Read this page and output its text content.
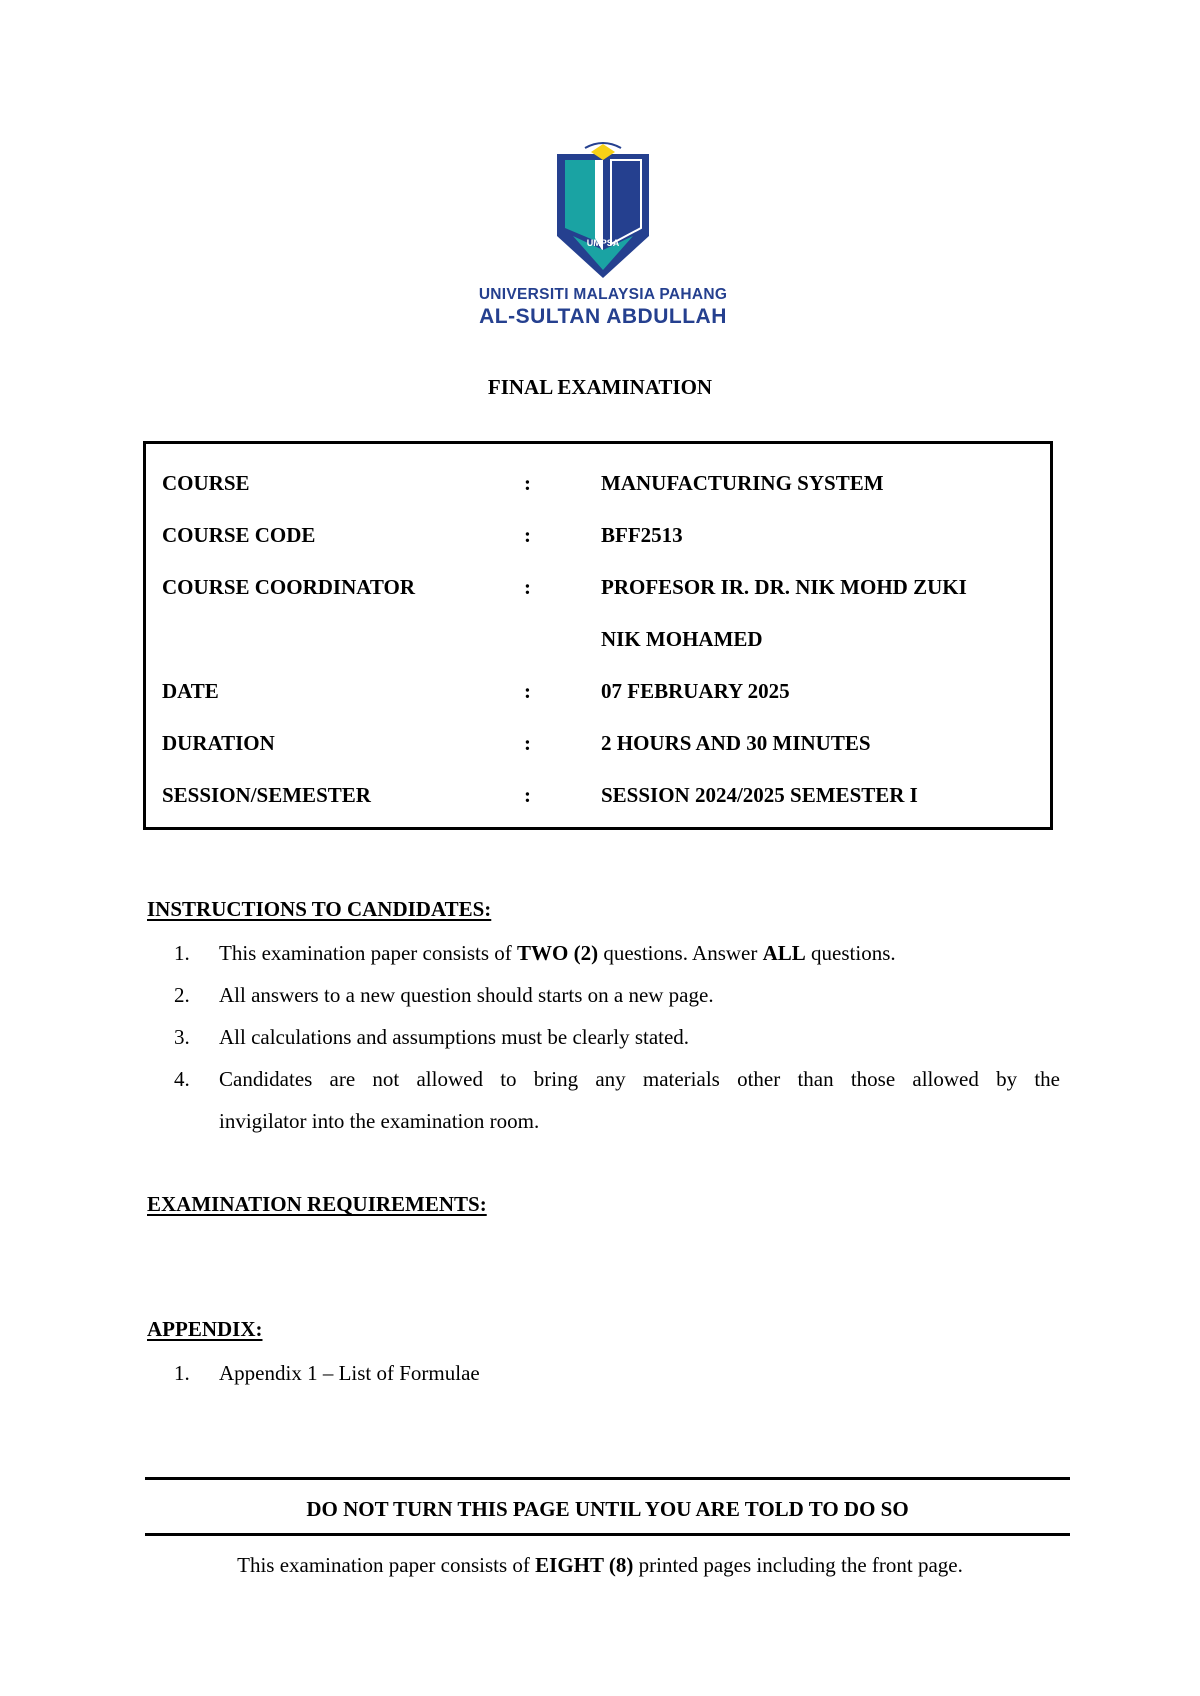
UMPSA
UNIVERSITI MALAYSIA PAHANG
AL-SULTAN ABDULLAH
FINAL EXAMINATION
COURSE	:	MANUFACTURING SYSTEM
COURSE CODE	:	BFF2513
COURSE COORDINATOR	:	PROFESOR IR. DR. NIK MOHD ZUKI
NIK MOHAMED
DATE	:	07 FEBRUARY 2025
DURATION	:	2 HOURS AND 30 MINUTES
SESSION/SEMESTER	:	SESSION 2024/2025 SEMESTER I
INSTRUCTIONS TO CANDIDATES:
1. This examination paper consists of TWO (2) questions. Answer ALL questions.
2. All answers to a new question should starts on a new page.
3. All calculations and assumptions must be clearly stated.
4. Candidates are not allowed to bring any materials other than those allowed by the
invigilator into the examination room.
EXAMINATION REQUIREMENTS:
APPENDIX:
1. Appendix 1 – List of Formulae
DO NOT TURN THIS PAGE UNTIL YOU ARE TOLD TO DO SO
This examination paper consists of EIGHT (8) printed pages including the front page.
